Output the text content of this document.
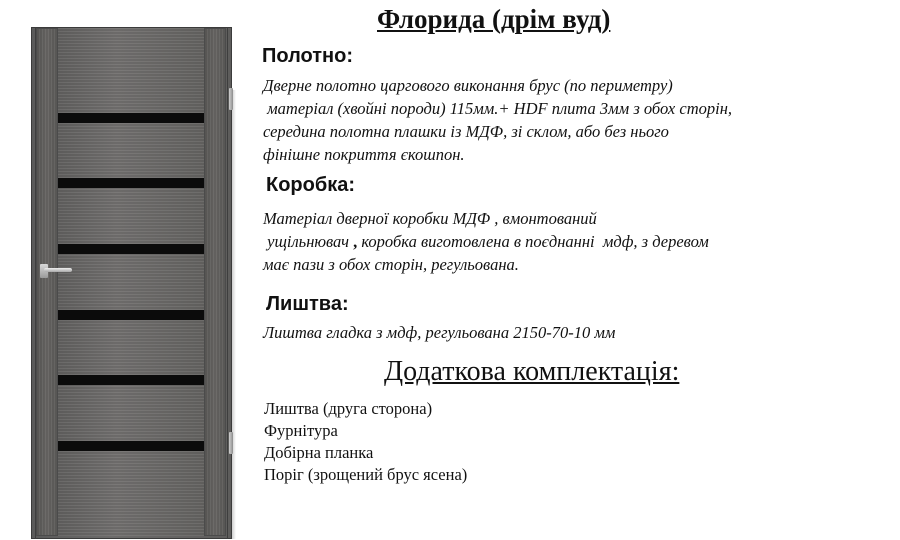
Флорида (дрім вуд)
Полотно:
Дверне полотно царгового виконання брус (по периметру)
матеріал (хвойні породи) 115мм.+ HDF плита 3мм з обох сторін,
середина полотна плашки із МДФ, зі склом, або без нього
фінішне покриття єкошпон.
Коробка:
Матеріал дверної коробки МДФ , вмонтований
ущільнювач , коробка виготовлена в поєднанні  мдф, з деревом
має пази з обох сторін, регульована.
Лиштва:
Лиштва гладка з мдф, регульована 2150-70-10 мм
Додаткова комплектація:
Лиштва (друга сторона)
Фурнітура
Добірна планка
Поріг (зрощений брус ясена)
